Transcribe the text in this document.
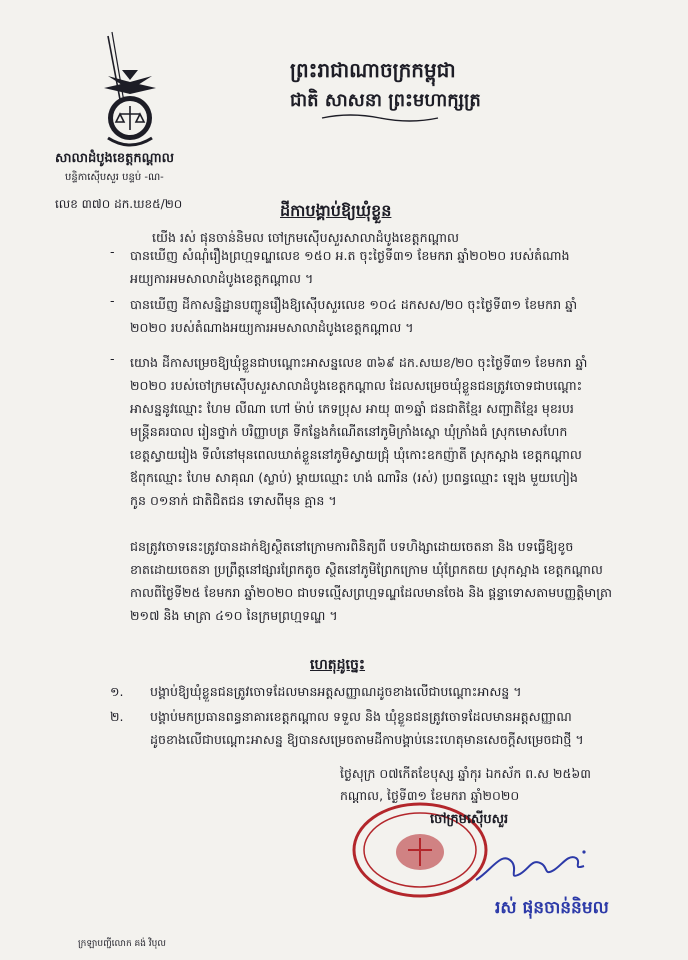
ព្រះរាជាណាចក្រកម្ពុជា
ជាតិ សាសនា ព្រះមហាក្សត្រ
សាលាដំបូងខេត្តកណ្តាល
បន្ទិកាស៊ើបសួរ បន្ទប់ -ណ-
លេខ ៣៧០ ដក.ឃខ៥/២០	ដីកាបង្គាប់ឱ្យឃុំខ្លួន
យើង រស់ ផុនចាន់និមល ចៅក្រមស៊ើបសួរសាលាដំបូងខេត្តកណ្តាល
-	បានឃើញ សំណុំរឿងព្រហ្មទណ្ឌលេខ ១៥០ អ.ត ចុះថ្ងៃទី៣១ ខែមករា ឆ្នាំ២០២០ របស់តំណាង
អយ្យការអមសាលាដំបូងខេត្តកណ្តាល ។
-	បានឃើញ ដីកាសន្និដ្ឋានបញ្ជូនរឿងឱ្យស៊ើបសួរលេខ ១០៤ ដកសស/២០ ចុះថ្ងៃទី៣១ ខែមករា ឆ្នាំ
២០២០ របស់តំណាងអយ្យការអមសាលាដំបូងខេត្តកណ្តាល ។
-	យោង ដីកាសម្រេចឱ្យឃុំខ្លួនជាបណ្តោះអាសន្នលេខ ៣៦៩ ដក.សឃខ/២០ ចុះថ្ងៃទី៣១ ខែមករា ឆ្នាំ
២០២០ របស់ចៅក្រមស៊ើបសួរសាលាដំបូងខេត្តកណ្តាល ដែលសម្រេចឃុំខ្លួនជនត្រូវចោទជាបណ្តោះ
អាសន្ននូវឈ្មោះ ហែម លីណា ហៅ ម៉ាប់ ភេទប្រុស អាយុ ៣១ឆ្នាំ ជនជាតិខ្មែរ សញ្ជាតិខ្មែរ មុខរបរ
មន្ត្រីនគរបាល រៀនថ្នាក់ បរិញ្ញាបត្រ ទីកន្លែងកំណើតនៅភូមិក្រាំងស្ពោ ឃុំក្រាំងធំ ស្រុកមោសហែក
ខេត្តស្វាយរៀង ទីលំនៅមុនពេលឃាត់ខ្លួននៅភូមិស្វាយជ្រុំ ឃុំកោះឧកញ៉ាតី ស្រុកស្អាង ខេត្តកណ្តាល
ឪពុកឈ្មោះ ហែម សាគុណ (ស្លាប់) ម្តាយឈ្មោះ ហង់ ណារិន (រស់) ប្រពន្ធឈ្មោះ ឡេង មួយហៀង
កូន ០១នាក់ ជាតិជិតជន ទោសពីមុន គ្មាន ។
ជនត្រូវចោទនេះត្រូវបានដាក់ឱ្យស្ថិតនៅក្រោមការពិនិត្យពី បទហិង្សាដោយចេតនា និង បទធ្វើឱ្យខូច
ខាតដោយចេតនា ប្រព្រឹត្តនៅផ្សារព្រែកតូច ស្ថិតនៅភូមិព្រែកក្រោម ឃុំព្រែកតយ ស្រុកស្អាង ខេត្តកណ្តាល
កាលពីថ្ងៃទី២៥ ខែមករា ឆ្នាំ២០២០ ជាបទល្មើសព្រហ្មទណ្ឌដែលមានចែង និង ផ្តន្ទាទោសតាមបញ្ញត្តិមាត្រា
២១៧ និង មាត្រា ៤១០ នៃក្រមព្រហ្មទណ្ឌ ។
ហេតុដូច្នេះ
១. បង្គាប់ឱ្យឃុំខ្លួនជនត្រូវចោទដែលមានអត្តសញ្ញាណដូចខាងលើជាបណ្តោះអាសន្ន ។
២. បង្គាប់មកប្រធានពន្ធនាគារខេត្តកណ្តាល ទទួល និង ឃុំខ្លួនជនត្រូវចោទដែលមានអត្តសញ្ញាណ
ដូចខាងលើជាបណ្តោះអាសន្ន ឱ្យបានសម្រេចតាមដីកាបង្គាប់នេះហេតុមានសេចក្តីសម្រេចជាថ្មី ។
ថ្ងៃសុក្រ ០៧កើតខែបុស្ស ឆ្នាំកុរ ឯកស័ក ព.ស ២៥៦៣
កណ្តាល, ថ្ងៃទី៣១ ខែមករា ឆ្នាំ២០២០
ចៅក្រមស៊ើបសួរ
រស់ ផុនចាន់និមល
ក្រឡាបញ្ជីលោក គង់ វិបុល
